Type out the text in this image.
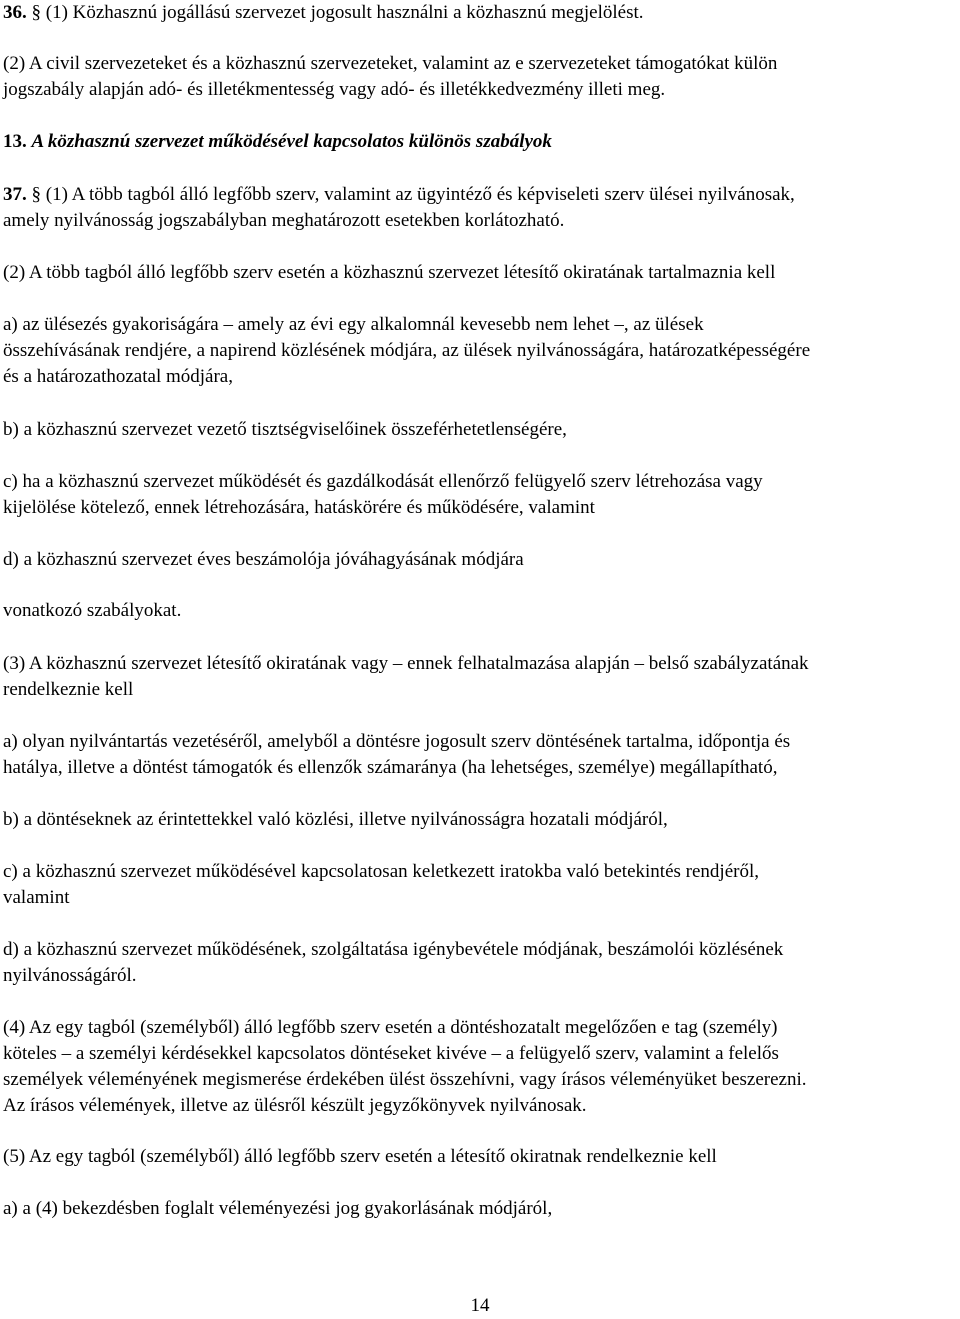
36. § (1) Közhasznú jogállású szervezet jogosult használni a közhasznú megjelölést.
(2) A civil szervezeteket és a közhasznú szervezeteket, valamint az e szervezeteket támogatókat külön
jogszabály alapján adó- és illetékmentesség vagy adó- és illetékkedvezmény illeti meg.
13. A közhasznú szervezet működésével kapcsolatos különös szabályok
37. § (1) A több tagból álló legfőbb szerv, valamint az ügyintéző és képviseleti szerv ülései nyilvánosak,
amely nyilvánosság jogszabályban meghatározott esetekben korlátozható.
(2) A több tagból álló legfőbb szerv esetén a közhasznú szervezet létesítő okiratának tartalmaznia kell
a) az ülésezés gyakoriságára – amely az évi egy alkalomnál kevesebb nem lehet –, az ülések
összehívásának rendjére, a napirend közlésének módjára, az ülések nyilvánosságára, határozatképességére
és a határozathozatal módjára,
b) a közhasznú szervezet vezető tisztségviselőinek összeférhetetlenségére,
c) ha a közhasznú szervezet működését és gazdálkodását ellenőrző felügyelő szerv létrehozása vagy
kijelölése kötelező, ennek létrehozására, hatáskörére és működésére, valamint
d) a közhasznú szervezet éves beszámolója jóváhagyásának módjára
vonatkozó szabályokat.
(3) A közhasznú szervezet létesítő okiratának vagy – ennek felhatalmazása alapján – belső szabályzatának
rendelkeznie kell
a) olyan nyilvántartás vezetéséről, amelyből a döntésre jogosult szerv döntésének tartalma, időpontja és
hatálya, illetve a döntést támogatók és ellenzők számaránya (ha lehetséges, személye) megállapítható,
b) a döntéseknek az érintettekkel való közlési, illetve nyilvánosságra hozatali módjáról,
c) a közhasznú szervezet működésével kapcsolatosan keletkezett iratokba való betekintés rendjéről,
valamint
d) a közhasznú szervezet működésének, szolgáltatása igénybevétele módjának, beszámolói közlésének
nyilvánosságáról.
(4) Az egy tagból (személyből) álló legfőbb szerv esetén a döntéshozatalt megelőzően e tag (személy)
köteles – a személyi kérdésekkel kapcsolatos döntéseket kivéve – a felügyelő szerv, valamint a felelős
személyek véleményének megismerése érdekében ülést összehívni, vagy írásos véleményüket beszerezni.
Az írásos vélemények, illetve az ülésről készült jegyzőkönyvek nyilvánosak.
(5) Az egy tagból (személyből) álló legfőbb szerv esetén a létesítő okiratnak rendelkeznie kell
a) a (4) bekezdésben foglalt véleményezési jog gyakorlásának módjáról,
14
